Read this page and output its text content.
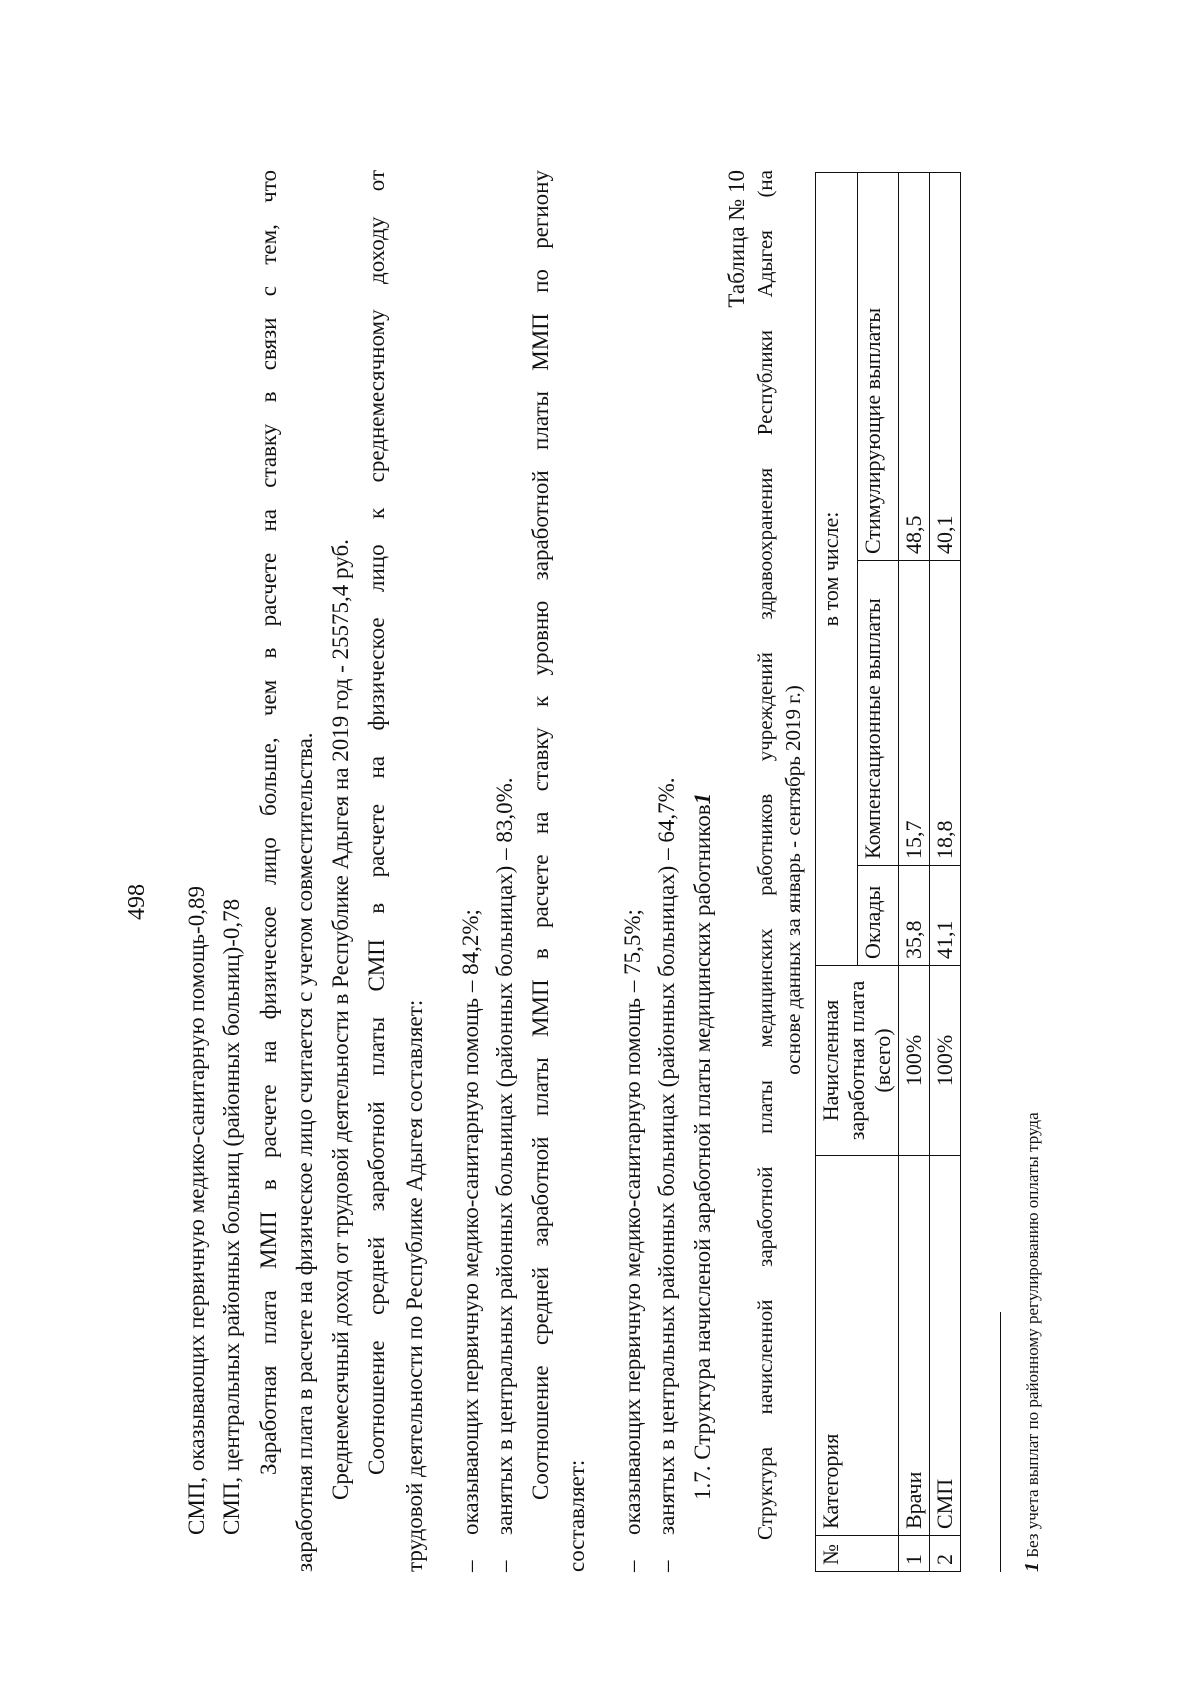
498 СМП, оказывающих первичную медико-санитарную помощь-0,89 СМП, центральных районных больниц (районных больниц)-0,78 Заработная плата ММП в расчете на физическое лицо больше, чем в расчете на ставку в связи с тем, что заработная плата в расчете на физическое лицо считается с учетом совместительства. Среднемесячный доход от трудовой деятельности в Республике Адыгея на 2019 год - 25575,4 руб. Соотношение средней заработной платы СМП в расчете на физическое лицо к среднемесячному доходу от трудовой деятельности по Республике Адыгея составляет: –
оказывающих первичную медико-санитарную помощь – 84,2%;
–
занятых в центральных районных больницах (районных больницах) – 83,0%. Соотношение средней заработной платы ММП в расчете на ставку к уровню заработной платы ММП по региону
составляет: –
оказывающих первичную медико-санитарную помощь – 75,5%;
–
занятых в центральных районных больницах (районных больницах) – 64,7%. 1.7. Структура начисленой заработной платы медицинских работников1
Таблица № 10 Структура начисленной заработной платы медицинских работников учреждений здравоохранения Республики Адыгея (на основе данных за январь - сентябрь 2019 г.)
№	Категория	Начисленная заработная плата (всего)	в том числе:		
			Оклады	Компенсационные выплаты	Стимулирующие выплаты
1	Врачи	100%	35,8	15,7	48,5
2	СМП	100%	41,1	18,8	40,1
1 Без учета выплат по районному регулированию оплаты труда
